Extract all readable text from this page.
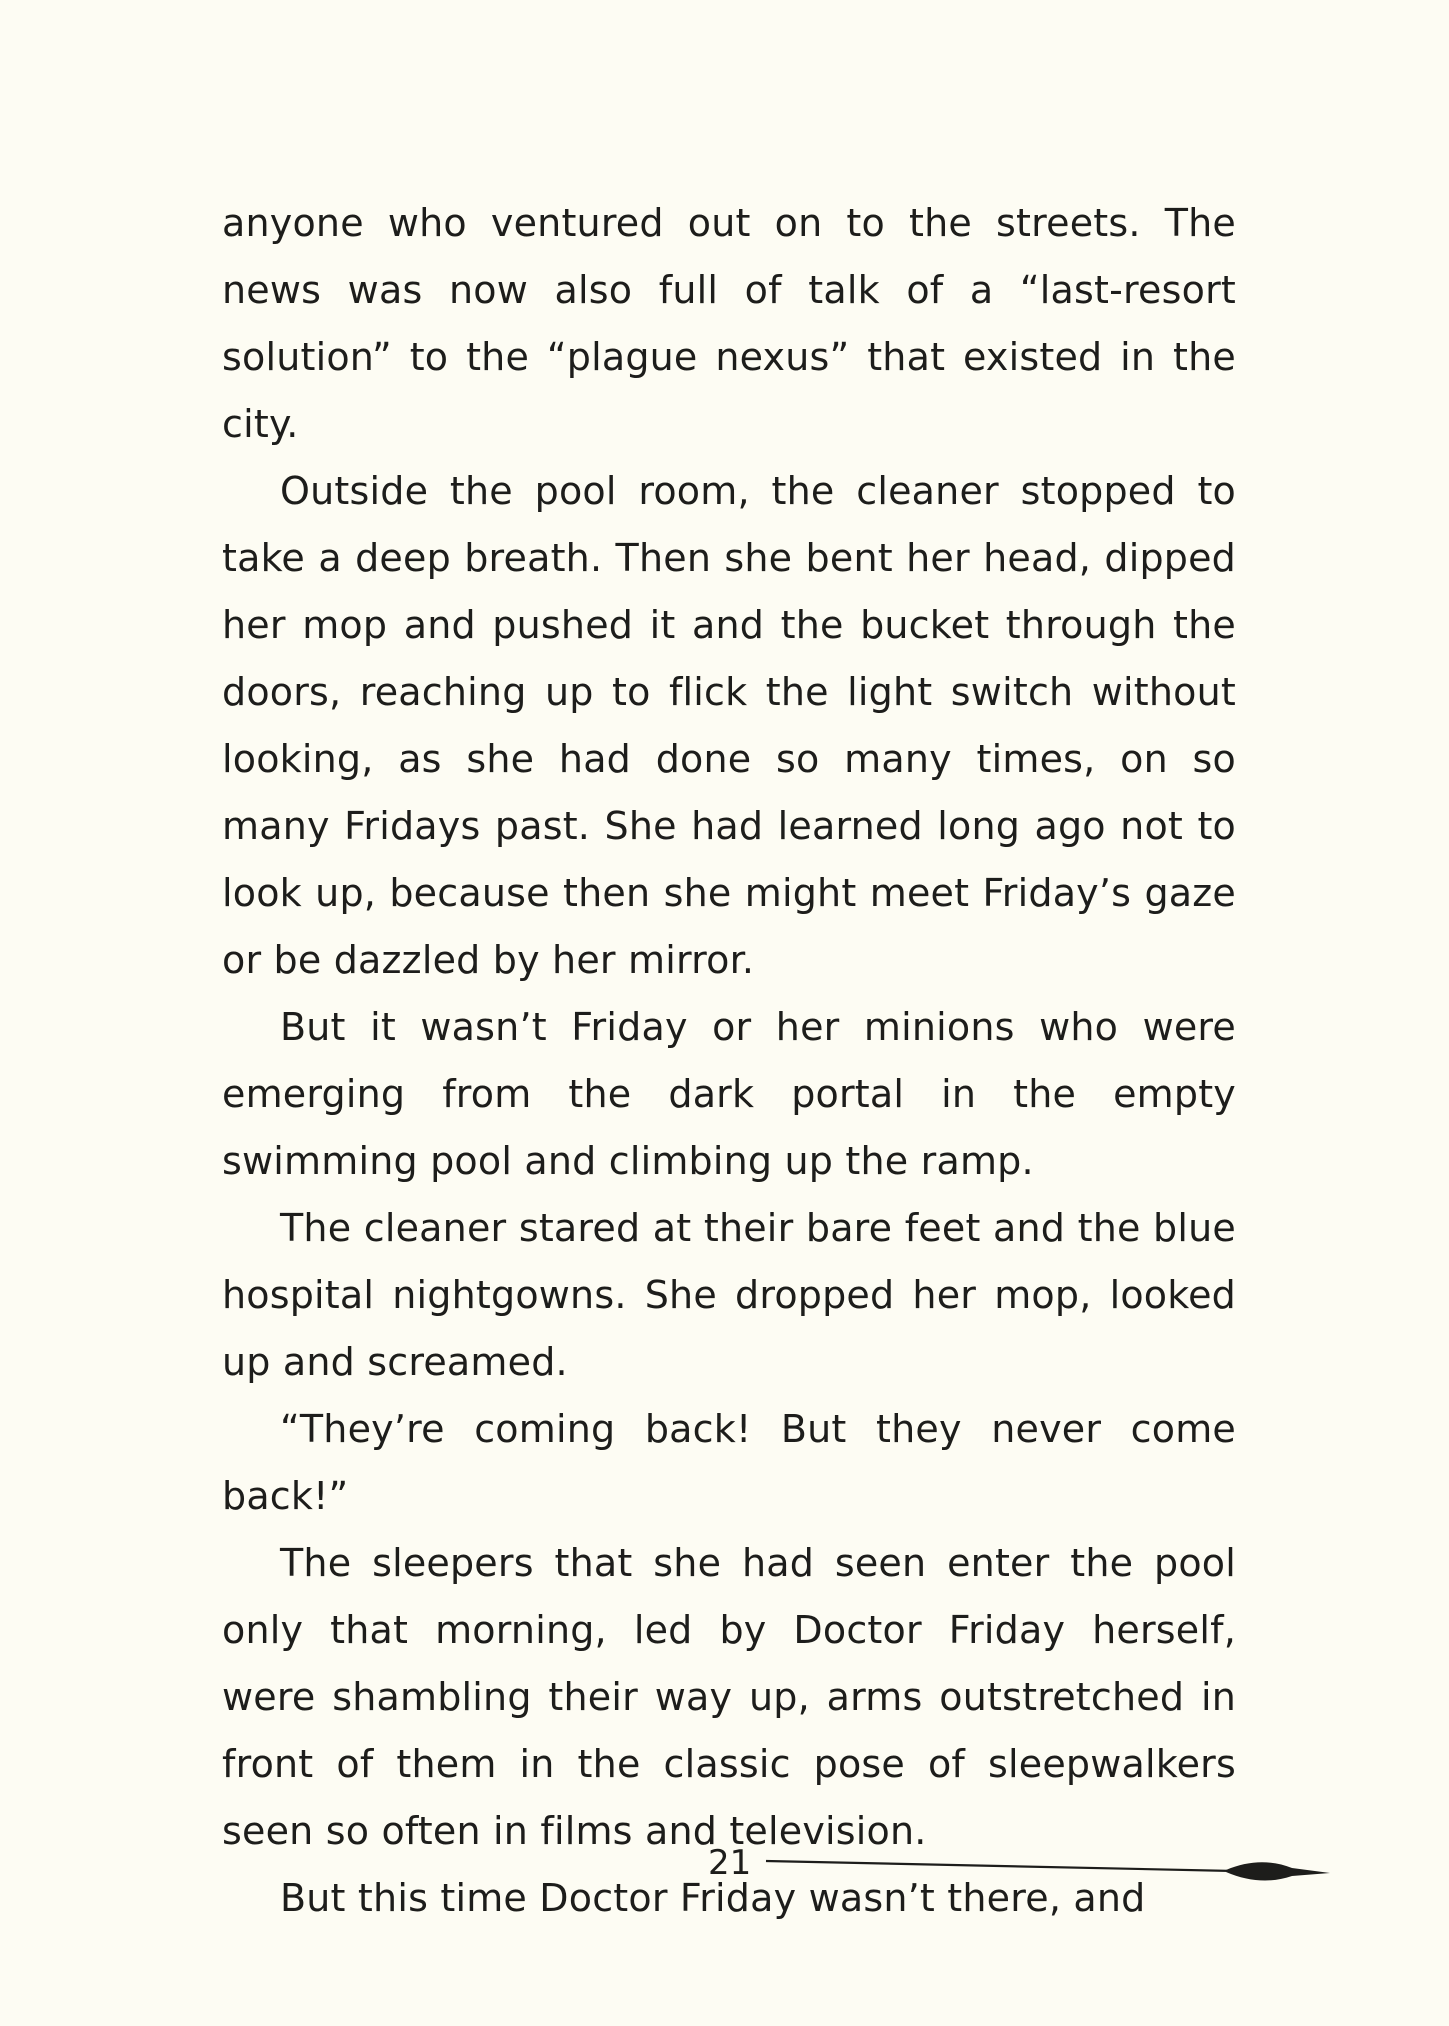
anyone who ventured out on to the streets. The news was now also full of talk of a “last-resort solution” to the “plague nexus” that existed in the city.

Outside the pool room, the cleaner stopped to take a deep breath. Then she bent her head, dipped her mop and pushed it and the bucket through the doors, reaching up to flick the light switch without looking, as she had done so many times, on so many Fridays past. She had learned long ago not to look up, because then she might meet Friday’s gaze or be dazzled by her mirror.

But it wasn’t Friday or her minions who were emerging from the dark portal in the empty swimming pool and climbing up the ramp.

The cleaner stared at their bare feet and the blue hospital nightgowns. She dropped her mop, looked up and screamed.

“They’re coming back! But they never come back!”

The sleepers that she had seen enter the pool only that morning, led by Doctor Friday herself, were shambling their way up, arms outstretched in front of them in the classic pose of sleepwalkers seen so often in films and television.

But this time Doctor Friday wasn’t there, and

21
